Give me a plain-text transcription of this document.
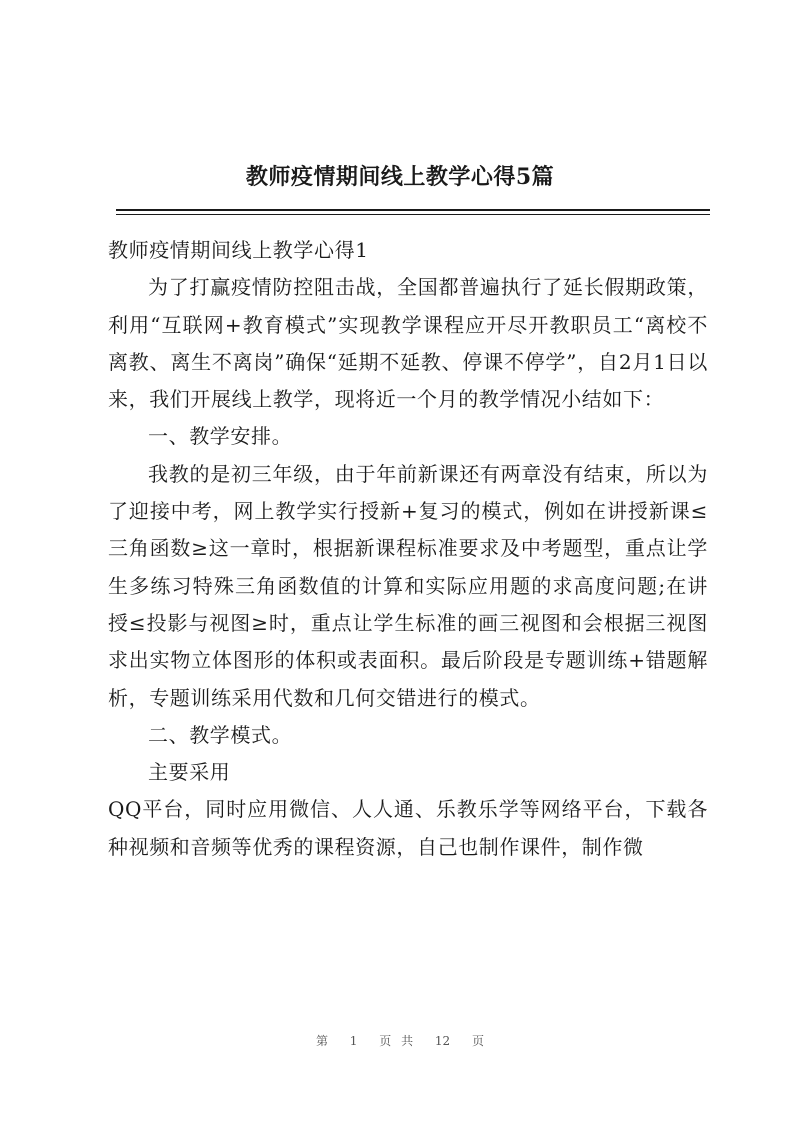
教师疫情期间线上教学心得5篇

教师疫情期间线上教学心得1

为了打赢疫情防控阻击战，全国都普遍执行了延长假期政策，利用“互联网+教育模式”实现教学课程应开尽开教职员工“离校不离教、离生不离岗”确保“延期不延教、停课不停学”，自2月1日以来，我们开展线上教学，现将近一个月的教学情况小结如下：

一、教学安排。

我教的是初三年级，由于年前新课还有两章没有结束，所以为了迎接中考，网上教学实行授新+复习的模式，例如在讲授新课≤三角函数≥这一章时，根据新课程标准要求及中考题型，重点让学生多练习特殊三角函数值的计算和实际应用题的求高度问题;在讲授≤投影与视图≥时，重点让学生标准的画三视图和会根据三视图求出实物立体图形的体积或表面积。最后阶段是专题训练+错题解析，专题训练采用代数和几何交错进行的模式。

二、教学模式。

主要采用

QQ平台，同时应用微信、人人通、乐教乐学等网络平台，下载各种视频和音频等优秀的课程资源，自己也制作课件，制作微

第 1 页 共 12 页
